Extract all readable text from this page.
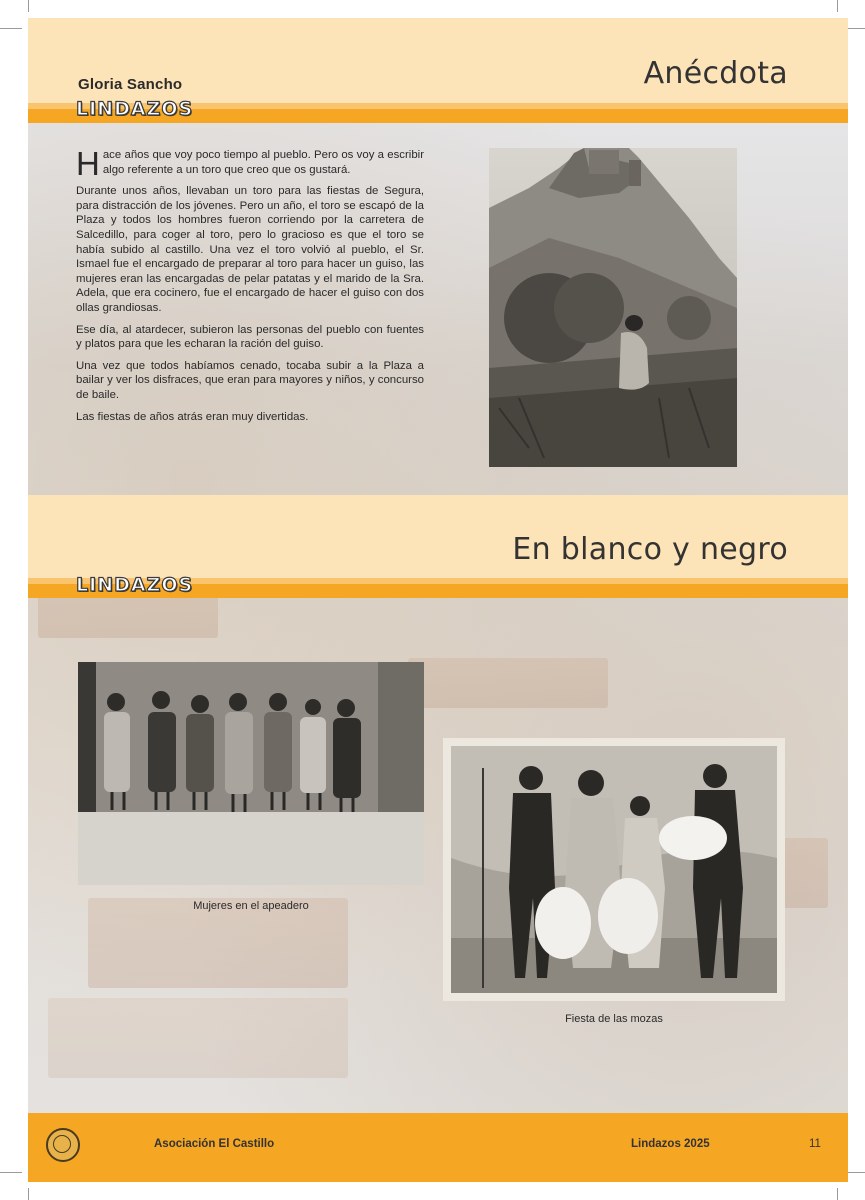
Gloria Sancho	Anécdota
LINDAZOS

Hace años que voy poco tiempo al pueblo. Pero os voy a escribir algo referente a un toro que creo que os gustará.

Durante unos años, llevaban un toro para las fiestas de Segura, para distracción de los jóvenes. Pero un año, el toro se escapó de la Plaza y todos los hombres fueron corriendo por la carretera de Salcedillo, para coger al toro, pero lo gracioso es que el toro se había subido al castillo. Una vez el toro volvió al pueblo, el Sr. Ismael fue el encargado de preparar al toro para hacer un guiso, las mujeres eran las encargadas de pelar patatas y el marido de la Sra. Adela, que era cocinero, fue el encargado de hacer el guiso con dos ollas grandiosas.

Ese día, al atardecer, subieron las personas del pueblo con fuentes y platos para que les echaran la ración del guiso.

Una vez que todos habíamos cenado, tocaba subir a la Plaza a bailar y ver los disfraces, que eran para mayores y niños, y concurso de baile.

Las fiestas de años atrás eran muy divertidas.

En blanco y negro
LINDAZOS
Mujeres en el apeadero
Fiesta de las mozas
Asociación El Castillo	Lindazos 2025	11
